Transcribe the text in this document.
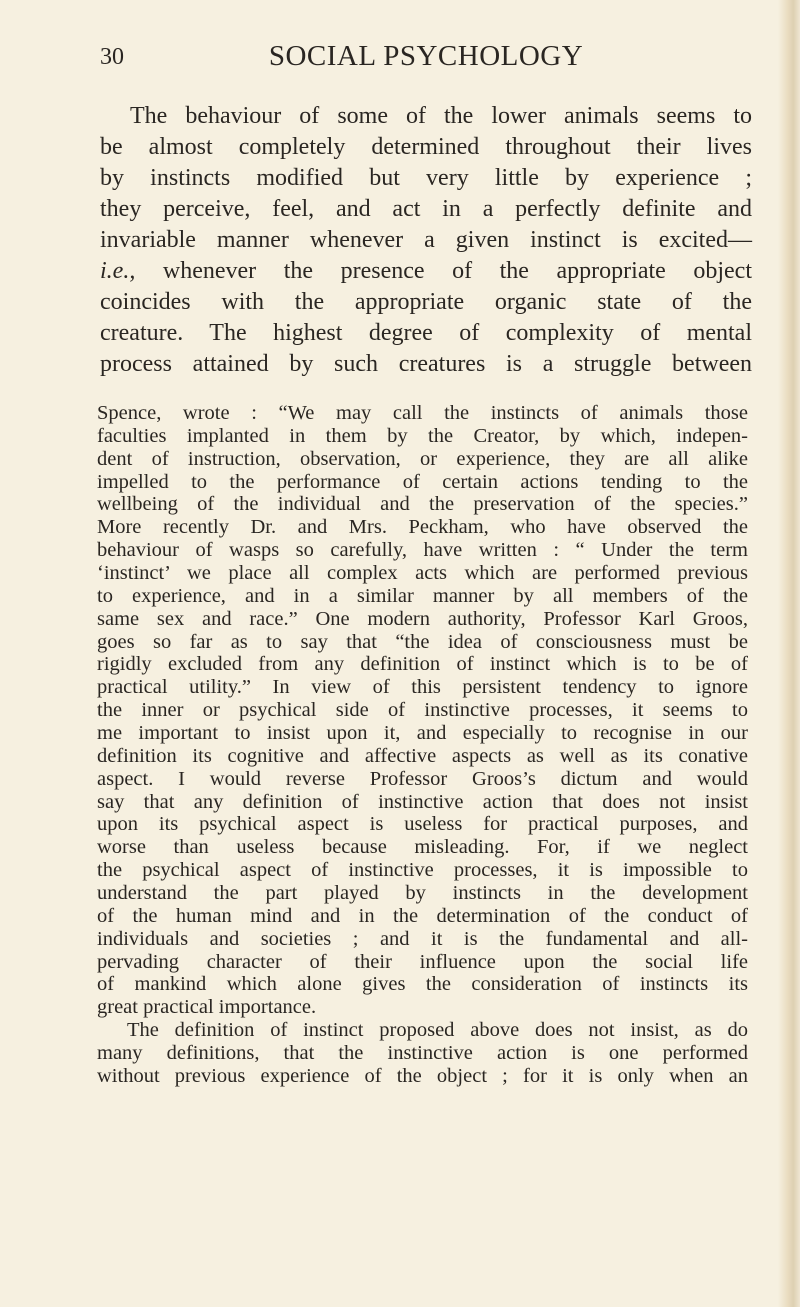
30	SOCIAL PSYCHOLOGY
The behaviour of some of the lower animals seems to
be almost completely determined throughout their lives
by instincts modified but very little by experience ;
they perceive, feel, and act in a perfectly definite and
invariable manner whenever a given instinct is excited—
i.e., whenever the presence of the appropriate object
coincides with the appropriate organic state of the
creature. The highest degree of complexity of mental
process attained by such creatures is a struggle between
Spence, wrote : “We may call the instincts of animals those
faculties implanted in them by the Creator, by which, indepen-
dent of instruction, observation, or experience, they are all alike
impelled to the performance of certain actions tending to the
wellbeing of the individual and the preservation of the species.”
More recently Dr. and Mrs. Peckham, who have observed the
behaviour of wasps so carefully, have written : “ Under the term
‘instinct’ we place all complex acts which are performed previous
to experience, and in a similar manner by all members of the
same sex and race.” One modern authority, Professor Karl Groos,
goes so far as to say that “the idea of consciousness must be
rigidly excluded from any definition of instinct which is to be of
practical utility.” In view of this persistent tendency to ignore
the inner or psychical side of instinctive processes, it seems to
me important to insist upon it, and especially to recognise in our
definition its cognitive and affective aspects as well as its conative
aspect. I would reverse Professor Groos’s dictum and would
say that any definition of instinctive action that does not insist
upon its psychical aspect is useless for practical purposes, and
worse than useless because misleading. For, if we neglect
the psychical aspect of instinctive processes, it is impossible to
understand the part played by instincts in the development
of the human mind and in the determination of the conduct of
individuals and societies ; and it is the fundamental and all-
pervading character of their influence upon the social life
of mankind which alone gives the consideration of instincts its
great practical importance.
The definition of instinct proposed above does not insist, as do
many definitions, that the instinctive action is one performed
without previous experience of the object ; for it is only when an
